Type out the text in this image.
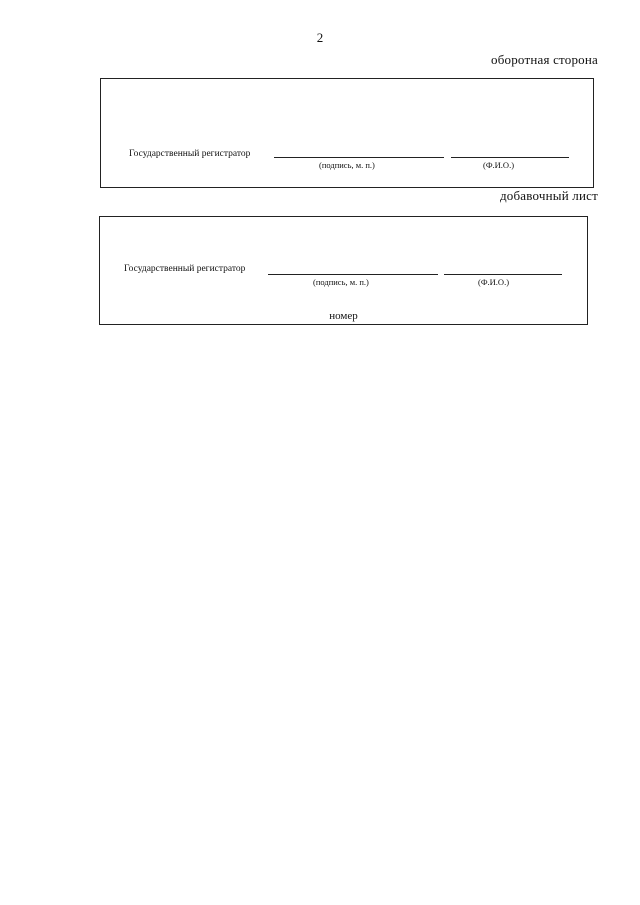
2
оборотная сторона
Государственный регистратор
(подпись, м. п.)	(Ф.И.О.)
добавочный лист
Государственный регистратор
(подпись, м. п.)	(Ф.И.О.)
номер
